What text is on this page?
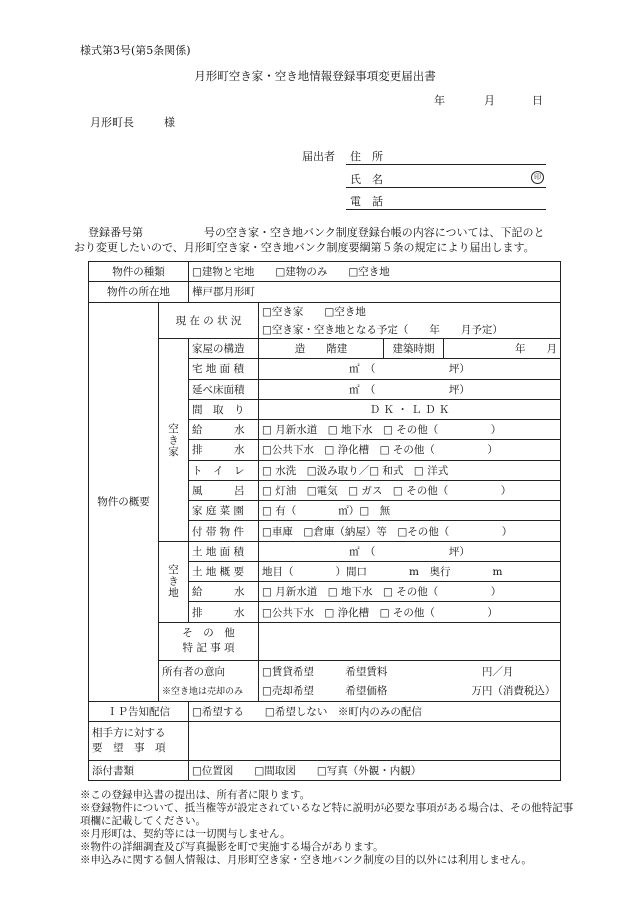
様式第3号(第5条関係)
月形町空き家・空き地情報登録事項変更届出書
年	月	日
月形町長	様
届出者 住　所
氏　名	印
電　話
登録番号第	号の空き家・空き地バンク制度登録台帳の内容については、下記のと
おり変更したいので、月形町空き家・空き地バンク制度要綱第５条の規定により届出します。
物件の種類		□建物と宅地　　□建物のみ　　□空き地			
物件の所在地		樺戸郡月形町			
物件の概要	現 在 の 状 況		□空き家　　□空き地		
			□空き家・空き地となる予定（　　年　　月予定）		
	空き家	家屋の構造	造　　階建	建築時期	年　　月
		宅 地 面 積	㎡　（　　　　　　　坪）		
		延べ床面積	㎡　（　　　　　　　坪）		
		間　取　り	Ｄ Ｋ ・ Ｌ Ｄ Ｋ		
		給　　　水	□ 月新水道　□ 地下水　□ その他（　　　　　）		
		排　　　水	□公共下水　□ 浄化槽　□ その他（　　　　　）		
		ト　イ　レ	□ 水洗　□汲み取り／□ 和式　□ 洋式		
		風　　　呂	□ 灯油　□電気　□ ガス　□ その他（　　　　　）		
		家 庭 菜 園	□ 有（　　　　㎡）□　無		
		付 帯 物 件	□車庫　□倉庫（納屋）等　□その他（　　　　　）		
	空き地	土 地 面 積	㎡　（　　　　　　　坪）		
		土 地 概 要	地目（　　　　）間口　　　　m　奥行　　　　m		
		給　　　水	□ 月新水道　□ 地下水　□ その他（　　　　　）		
		排　　　水	□公共下水　□ 浄化槽　□ その他（　　　　　）		

	そ　の　他
特 記 事 項				

	所有者の意向		□賃貸希望　　　希望賃料　　　　　　　　　円／月		
	※空き地は売却のみ		□売却希望　　　希望価格　　　　　　　　万円（消費税込）		
ＩＰ告知配信		□希望する　　□希望しない　※町内のみの配信			

相手方に対する
要　望　事　項					

添付書類		□位置図　　□間取図　　□写真（外観・内観）			
※この登録申込書の提出は、所有者に限ります。
※登録物件について、抵当権等が設定されているなど特に説明が必要な事項がある場合は、その他特記事項欄に記載してください。
※月形町は、契約等には一切関与しません。
※物件の詳細調査及び写真撮影を町で実施する場合があります。
※申込みに関する個人情報は、月形町空き家・空き地バンク制度の目的以外には利用しません。
